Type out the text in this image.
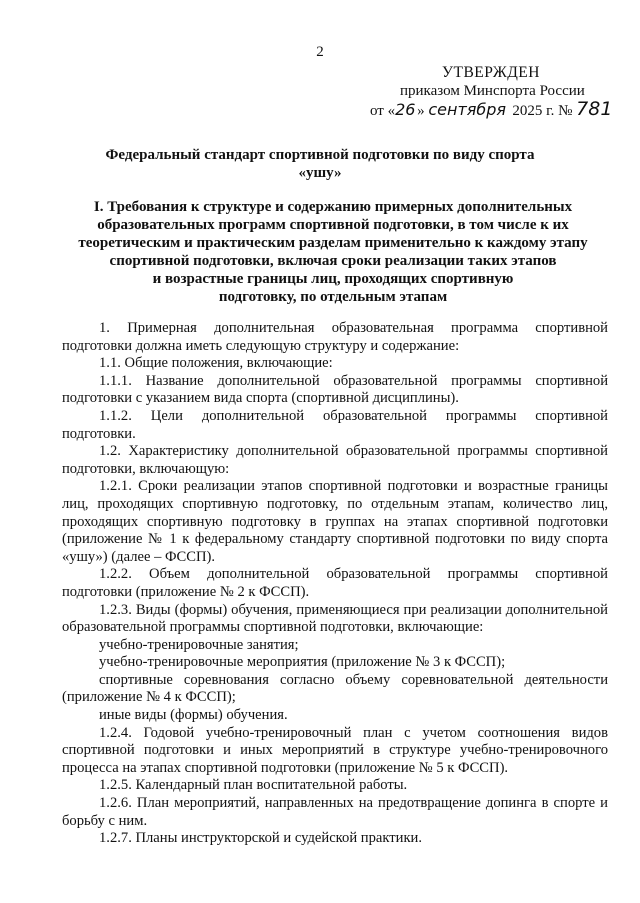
2
УТВЕРЖДЕН
приказом Минспорта России
от «26 » сентября 2025 г. № 781
Федеральный стандарт спортивной подготовки по виду спорта
«ушу»
I. Требования к структуре и содержанию примерных дополнительных
образовательных программ спортивной подготовки, в том числе к их
теоретическим и практическим разделам применительно к каждому этапу
спортивной подготовки, включая сроки реализации таких этапов
и возрастные границы лиц, проходящих спортивную
подготовку, по отдельным этапам

1. Примерная дополнительная образовательная программа спортивной подготовки должна иметь следующую структуру и содержание:

1.1. Общие положения, включающие:

1.1.1. Название дополнительной образовательной программы спортивной подготовки с указанием вида спорта (спортивной дисциплины).

1.1.2. Цели дополнительной образовательной программы спортивной подготовки.

1.2. Характеристику дополнительной образовательной программы спортивной подготовки, включающую:

1.2.1. Сроки реализации этапов спортивной подготовки и возрастные границы лиц, проходящих спортивную подготовку, по отдельным этапам, количество лиц, проходящих спортивную подготовку в группах на этапах спортивной подготовки (приложение № 1 к федеральному стандарту спортивной подготовки по виду спорта «ушу») (далее – ФССП).

1.2.2. Объем дополнительной образовательной программы спортивной подготовки (приложение № 2 к ФССП).

1.2.3. Виды (формы) обучения, применяющиеся при реализации дополнительной образовательной программы спортивной подготовки, включающие:

учебно-тренировочные занятия;

учебно-тренировочные мероприятия (приложение № 3 к ФССП);

спортивные соревнования согласно объему соревновательной деятельности (приложение № 4 к ФССП);

иные виды (формы) обучения.

1.2.4. Годовой учебно-тренировочный план с учетом соотношения видов спортивной подготовки и иных мероприятий в структуре учебно-тренировочного процесса на этапах спортивной подготовки (приложение № 5 к ФССП).

1.2.5. Календарный план воспитательной работы.

1.2.6. План мероприятий, направленных на предотвращение допинга в спорте и борьбу с ним.

1.2.7. Планы инструкторской и судейской практики.
